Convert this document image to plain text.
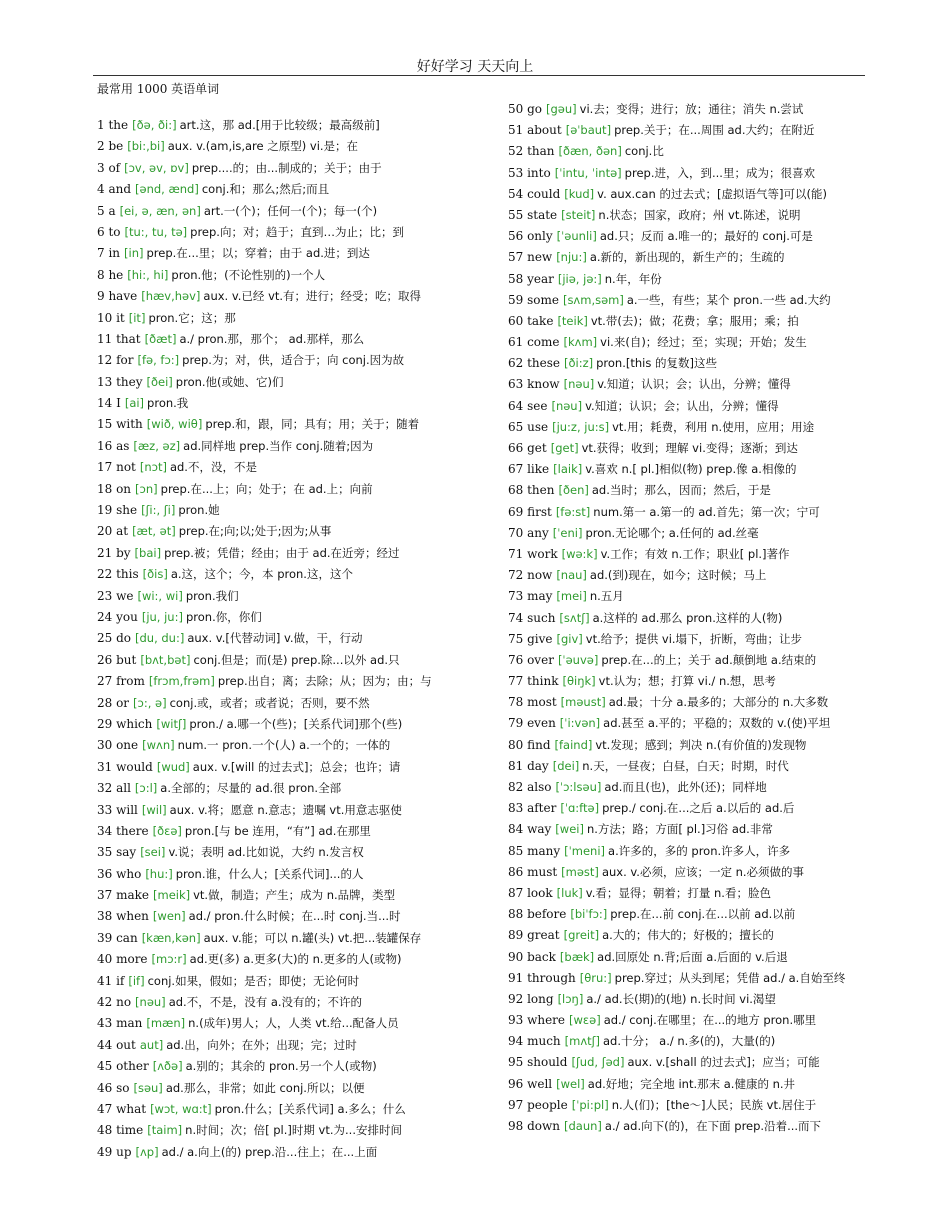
好好学习 天天向上
最常用 1000 英语单词
1 the [ðə, ði:] art.这，那 ad.[用于比较级；最高级前]
2 be [bi:,bi] aux. v.(am,is,are 之原型) vi.是；在
3 of [ɔv, əv, ɒv] prep....的；由...制成的；关于；由于
4 and [ənd, ænd] conj.和；那么;然后;而且
5 a [ei, ə, æn, ən] art.一(个)；任何一(个)；每一(个)
6 to [tu:, tu, tə] prep.向；对；趋于；直到…为止；比；到
7 in [in] prep.在...里；以；穿着；由于 ad.进；到达
8 he [hi:, hi] pron.他；(不论性别的)一个人
9 have [hæv,həv] aux. v.已经 vt.有；进行；经受；吃；取得
10 it [it] pron.它；这；那
11 that [ðæt] a./ pron.那，那个； ad.那样，那么
12 for [fə, fɔ:] prep.为；对，供，适合于；向 conj.因为故
13 they [ðei] pron.他(或她、它)们
14 I [ai] pron.我
15 with [wið, wiθ] prep.和，跟，同；具有；用；关于；随着
16 as [æz, əz] ad.同样地 prep.当作 conj.随着;因为
17 not [nɔt] ad.不，没，不是
18 on [ɔn] prep.在...上；向；处于；在 ad.上；向前
19 she [ʃi:, ʃi] pron.她
20 at [æt, ət] prep.在;向;以;处于;因为;从事
21 by [bai] prep.被；凭借；经由；由于 ad.在近旁；经过
22 this [ðis] a.这，这个；今，本 pron.这，这个
23 we [wi:, wi] pron.我们
24 you [ju, ju:] pron.你，你们
25 do [du, du:] aux. v.[代替动词] v.做，干，行动
26 but [bʌt,bət] conj.但是；而(是) prep.除...以外 ad.只
27 from [frɔm,frəm] prep.出自；离；去除；从；因为；由；与
28 or [ɔ:, ə] conj.或，或者；或者说；否则，要不然
29 which [witʃ] pron./ a.哪一个(些)；[关系代词]那个(些)
30 one [wʌn] num.一 pron.一个(人) a.一个的；一体的
31 would [wud] aux. v.[will 的过去式]；总会；也许；请
32 all [ɔ:l] a.全部的；尽量的 ad.很 pron.全部
33 will [wil] aux. v.将；愿意 n.意志；遗嘱 vt.用意志驱使
34 there [ðεə] pron.[与 be 连用，“有”] ad.在那里
35 say [sei] v.说；表明 ad.比如说，大约 n.发言权
36 who [hu:] pron.谁，什么人；[关系代词]...的人
37 make [meik] vt.做，制造；产生；成为 n.品牌，类型
38 when [wen] ad./ pron.什么时候；在...时 conj.当...时
39 can [kæn,kən] aux. v.能；可以 n.罐(头) vt.把...装罐保存
40 more [mɔ:r] ad.更(多) a.更多(大)的 n.更多的人(或物)
41 if [if] conj.如果，假如；是否；即使；无论何时
42 no [nəu] ad.不，不是，没有 a.没有的；不许的
43 man [mæn] n.(成年)男人；人，人类 vt.给...配备人员
44 out aut] ad.出，向外；在外；出现；完；过时
45 other [ʌðə] a.别的；其余的 pron.另一个人(或物)
46 so [səu] ad.那么，非常；如此 conj.所以；以便
47 what [wɔt, wɑ:t] pron.什么；[关系代词] a.多么；什么
48 time [taim] n.时间；次；倍[ pl.]时期 vt.为...安排时间
49 up [ʌp] ad./ a.向上(的) prep.沿...往上；在...上面
50 go [gəu] vi.去；变得；进行；放；通往；消失 n.尝试
51 about [əˈbaut] prep.关于；在...周围 ad.大约；在附近
52 than [ðæn, ðən] conj.比
53 into [ˈintu, ˈintə] prep.进，入，到...里；成为；很喜欢
54 could [kud] v. aux.can 的过去式；[虚拟语气等]可以(能)
55 state [steit] n.状态；国家，政府；州 vt.陈述，说明
56 only [ˈəunli] ad.只；反而 a.唯一的；最好的 conj.可是
57 new [nju:] a.新的，新出现的，新生产的；生疏的
58 year [jiə, jə:] n.年，年份
59 some [sʌm,səm] a.一些，有些；某个 pron.一些 ad.大约
60 take [teik] vt.带(去)；做；花费；拿；服用；乘；拍
61 come [kʌm] vi.来(自)；经过；至；实现；开始；发生
62 these [ði:z] pron.[this 的复数]这些
63 know [nəu] v.知道；认识；会；认出，分辨；懂得
64 see [nəu] v.知道；认识；会；认出，分辨；懂得
65 use [ju:z, ju:s] vt.用；耗费，利用 n.使用，应用；用途
66 get [get] vt.获得；收到；理解 vi.变得；逐渐；到达
67 like [laik] v.喜欢 n.[ pl.]相似(物) prep.像 a.相像的
68 then [ðen] ad.当时；那么，因而；然后，于是
69 first [fə:st] num.第一 a.第一的 ad.首先；第一次；宁可
70 any [ˈeni] pron.无论哪个; a.任何的 ad.丝毫
71 work [wə:k] v.工作；有效 n.工作；职业[ pl.]著作
72 now [nau] ad.(到)现在，如今；这时候；马上
73 may [mei] n.五月
74 such [sʌtʃ] a.这样的 ad.那么 pron.这样的人(物)
75 give [giv] vt.给予；提供 vi.塌下，折断，弯曲；让步
76 over [ˈəuvə] prep.在...的上；关于 ad.颠倒地 a.结束的
77 think [θiŋk] vt.认为；想；打算 vi./ n.想，思考
78 most [məust] ad.最；十分 a.最多的；大部分的 n.大多数
79 even [ˈi:vən] ad.甚至 a.平的；平稳的；双数的 v.(使)平坦
80 find [faind] vt.发现；感到；判决 n.(有价值的)发现物
81 day [dei] n.天，一昼夜；白昼，白天；时期，时代
82 also [ˈɔ:lsəu] ad.而且(也)，此外(还)；同样地
83 after [ˈɑ:ftə] prep./ conj.在...之后 a.以后的 ad.后
84 way [wei] n.方法；路；方面[ pl.]习俗 ad.非常
85 many [ˈmeni] a.许多的，多的 pron.许多人，许多
86 must [məst] aux. v.必须，应该；一定 n.必须做的事
87 look [luk] v.看；显得；朝着；打量 n.看；脸色
88 before [biˈfɔ:] prep.在...前 conj.在...以前 ad.以前
89 great [greit] a.大的；伟大的；好极的；擅长的
90 back [bæk] ad.回原处 n.背;后面 a.后面的 v.后退
91 through [θru:] prep.穿过；从头到尾；凭借 ad./ a.自始至终
92 long [lɔŋ] a./ ad.长(期)的(地) n.长时间 vi.渴望
93 where [wεə] ad./ conj.在哪里；在...的地方 pron.哪里
94 much [mʌtʃ] ad.十分； a./ n.多(的)，大量(的)
95 should [ʃud, ʃəd] aux. v.[shall 的过去式]；应当；可能
96 well [wel] ad.好地；完全地 int.那末 a.健康的 n.井
97 people [ˈpi:pl] n.人(们)；[the～]人民；民族 vt.居住于
98 down [daun] a./ ad.向下(的)，在下面 prep.沿着...而下
